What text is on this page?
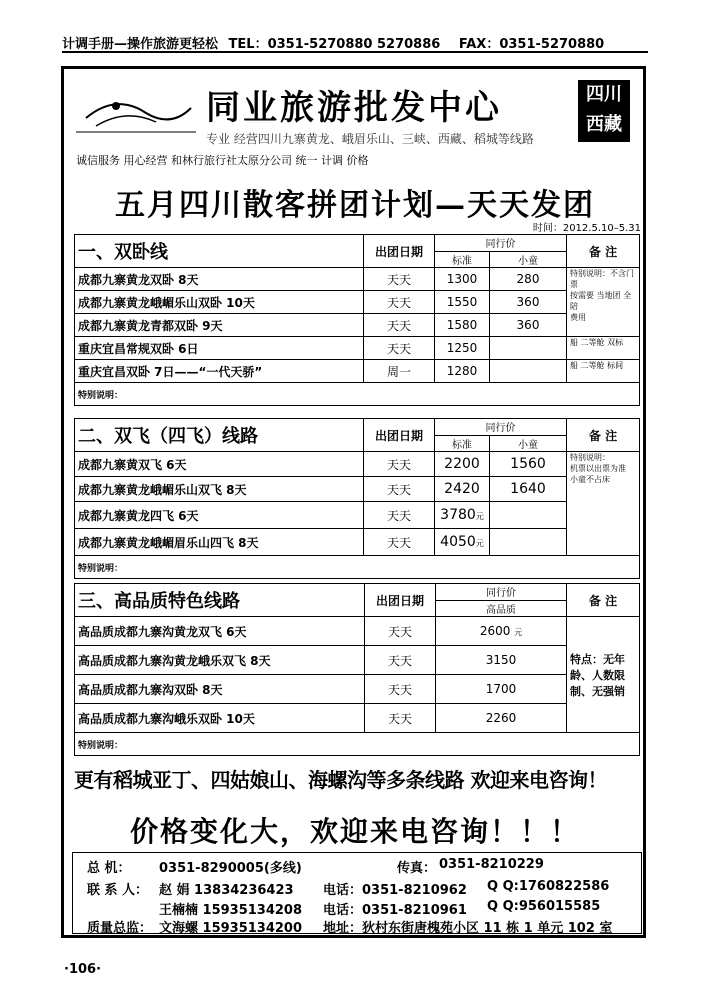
计调手册—操作旅游更轻松 TEL：0351-5270880 5270886 FAX：0351-5270880
同业旅游批发中心	四川 西藏
专业 经营四川九寨黄龙、峨眉乐山、三峡、西藏、稻城等线路
诚信服务 用心经营 和林行旅行社太原分公司 统一 计调 价格
五月四川散客拼团计划—天天发团
时间：2012.5.10–5.31
一、双卧线	出团日期	同行价		备 注
		标准	小童	
成都九寨黄龙双卧 8天	天天	1300	280	特别说明：不含门票
按需要 当地团 全陪
费用
成都九寨黄龙峨嵋乐山双卧 10天	天天	1550	360	
成都九寨黄龙青都双卧 9天	天天	1580	360	
重庆宜昌常规双卧 6日	天天	1250		船 二等舱 双标
重庆宜昌双卧 7日——“一代天骄”	周一	1280		船 二等舱 标间
特别说明：				
二、双飞（四飞）线路	出团日期	同行价		备 注
		标准	小童	
成都九寨黄双飞 6天	天天	2200	1560	特别说明：
机票以出票为准
小童不占床
成都九寨黄龙峨嵋乐山双飞 8天	天天	2420	1640	
成都九寨黄龙四飞 6天	天天	3780元		
成都九寨黄龙峨嵋眉乐山四飞 8天	天天	4050元		
特别说明：				
三、高品质特色线路	出团日期	同行价	备 注
		高品质	
高品质成都九寨沟黄龙双飞 6天	天天	2600 元	特点：无年龄、人数限制、无强销
高品质成都九寨沟黄龙峨乐双飞 8天	天天	3150	
高品质成都九寨沟双卧 8天	天天	1700	
高品质成都九寨沟峨乐双卧 10天	天天	2260	
特别说明：			
更有稻城亚丁、四姑娘山、海螺沟等多条线路 欢迎来电咨询！
价格变化大，欢迎来电咨询！！！
总 机： 0351-8290005(多线)	传真： 0351-8210229
联 系 人： 赵 娟 13834236423 电话：0351-8210962 Q Q:1760822586
王楠楠 15935134208 电话：0351-8210961 Q Q:956015585
质量总监： 文海螺 15935134200 地址：狄村东街唐槐苑小区 11 栋 1 单元 102 室
·106·
